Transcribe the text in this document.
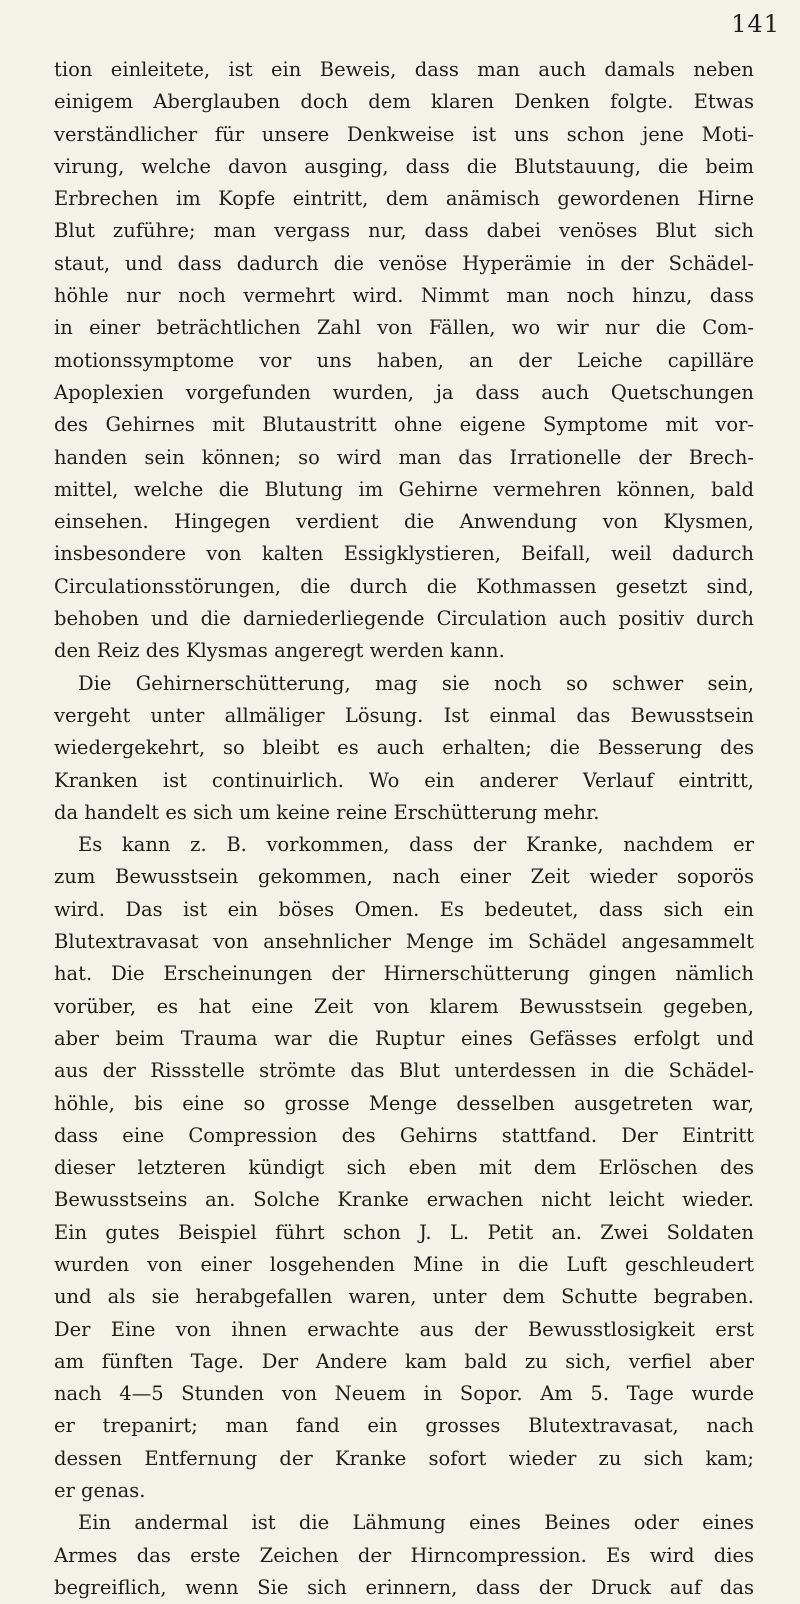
141
tion einleitete, ist ein Beweis, dass man auch damals neben
einigem Aberglauben doch dem klaren Denken folgte. Etwas
verständlicher für unsere Denkweise ist uns schon jene Moti-
virung, welche davon ausging, dass die Blutstauung, die beim
Erbrechen im Kopfe eintritt, dem anämisch gewordenen Hirne
Blut zuführe; man vergass nur, dass dabei venöses Blut sich
staut, und dass dadurch die venöse Hyperämie in der Schädel-
höhle nur noch vermehrt wird. Nimmt man noch hinzu, dass
in einer beträchtlichen Zahl von Fällen, wo wir nur die Com-
motionssymptome vor uns haben, an der Leiche capilläre
Apoplexien vorgefunden wurden, ja dass auch Quetschungen
des Gehirnes mit Blutaustritt ohne eigene Symptome mit vor-
handen sein können; so wird man das Irrationelle der Brech-
mittel, welche die Blutung im Gehirne vermehren können, bald
einsehen. Hingegen verdient die Anwendung von Klysmen,
insbesondere von kalten Essigklystieren, Beifall, weil dadurch
Circulationsstörungen, die durch die Kothmassen gesetzt sind,
behoben und die darniederliegende Circulation auch positiv durch
den Reiz des Klysmas angeregt werden kann.
Die Gehirnerschütterung, mag sie noch so schwer sein,
vergeht unter allmäliger Lösung. Ist einmal das Bewusstsein
wiedergekehrt, so bleibt es auch erhalten; die Besserung des
Kranken ist continuirlich. Wo ein anderer Verlauf eintritt,
da handelt es sich um keine reine Erschütterung mehr.
Es kann z. B. vorkommen, dass der Kranke, nachdem er
zum Bewusstsein gekommen, nach einer Zeit wieder soporös
wird. Das ist ein böses Omen. Es bedeutet, dass sich ein
Blutextravasat von ansehnlicher Menge im Schädel angesammelt
hat. Die Erscheinungen der Hirnerschütterung gingen nämlich
vorüber, es hat eine Zeit von klarem Bewusstsein gegeben,
aber beim Trauma war die Ruptur eines Gefässes erfolgt und
aus der Rissstelle strömte das Blut unterdessen in die Schädel-
höhle, bis eine so grosse Menge desselben ausgetreten war,
dass eine Compression des Gehirns stattfand. Der Eintritt
dieser letzteren kündigt sich eben mit dem Erlöschen des
Bewusstseins an. Solche Kranke erwachen nicht leicht wieder.
Ein gutes Beispiel führt schon J. L. Petit an. Zwei Soldaten
wurden von einer losgehenden Mine in die Luft geschleudert
und als sie herabgefallen waren, unter dem Schutte begraben.
Der Eine von ihnen erwachte aus der Bewusstlosigkeit erst
am fünften Tage. Der Andere kam bald zu sich, verfiel aber
nach 4—5 Stunden von Neuem in Sopor. Am 5. Tage wurde
er trepanirt; man fand ein grosses Blutextravasat, nach
dessen Entfernung der Kranke sofort wieder zu sich kam;
er genas.
Ein andermal ist die Lähmung eines Beines oder eines
Armes das erste Zeichen der Hirncompression. Es wird dies
begreiflich, wenn Sie sich erinnern, dass der Druck auf das
